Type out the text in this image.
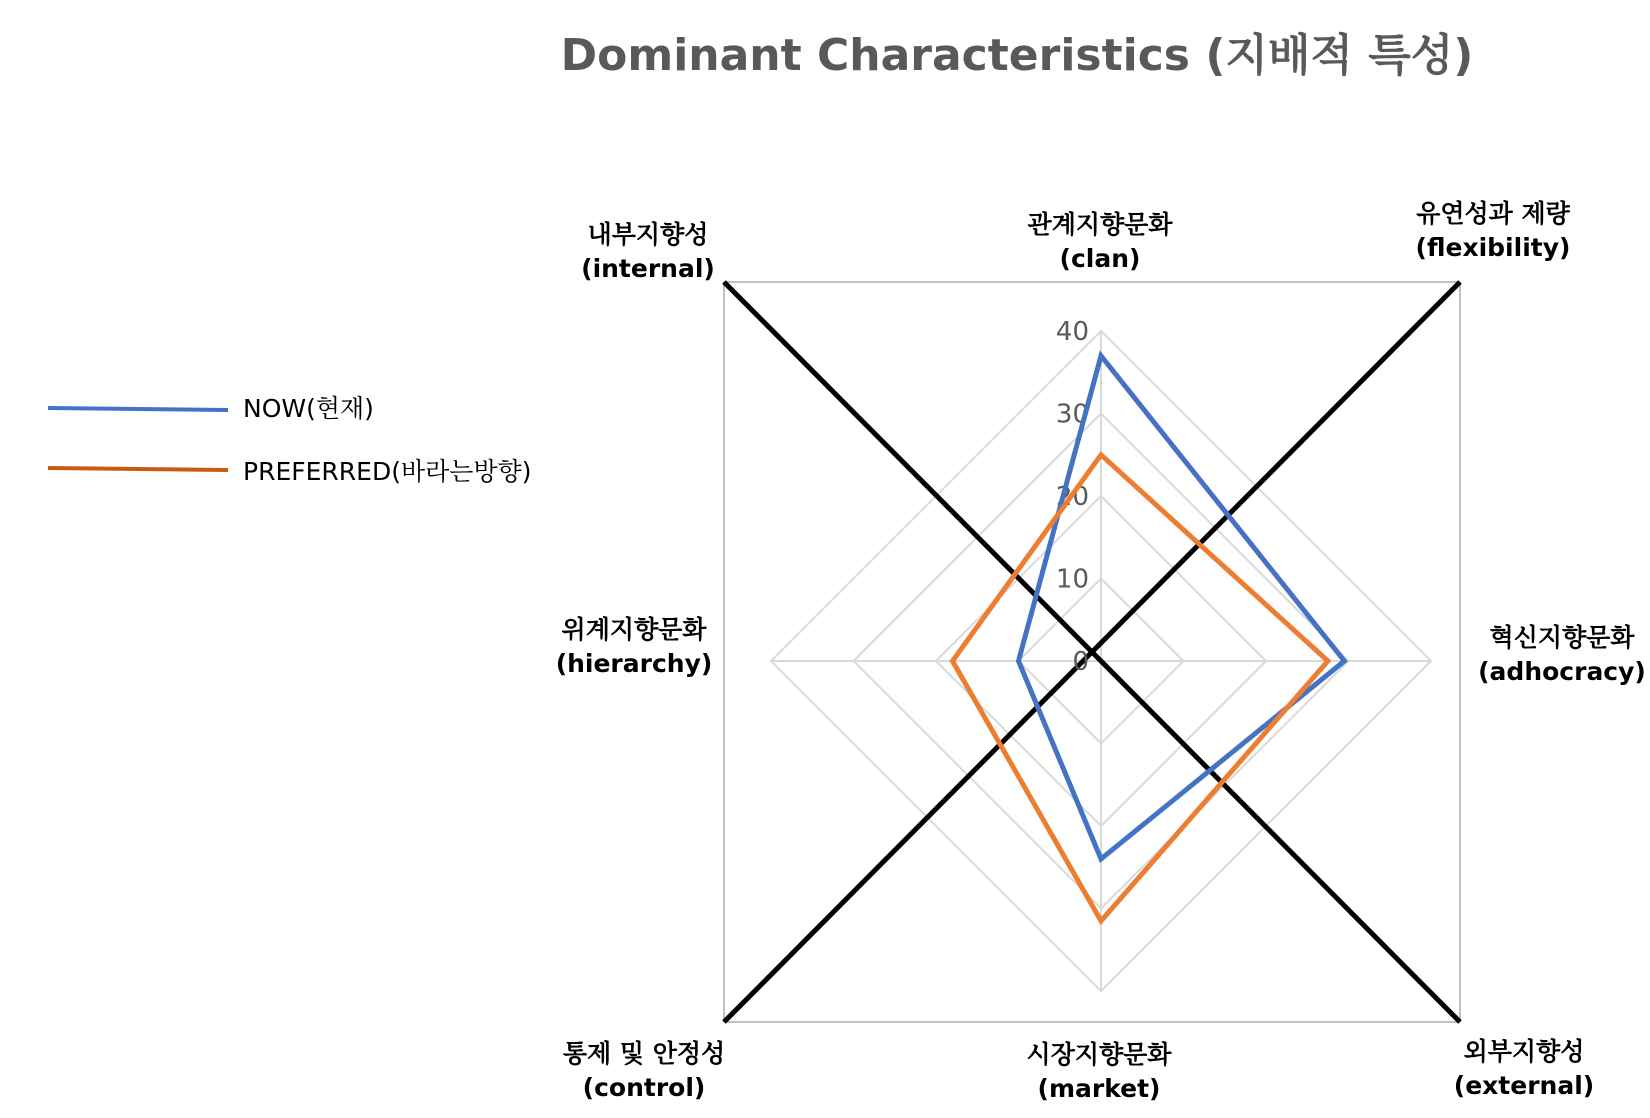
Dominant Characteristics (지배적 특성)
NOW(현재)
PREFERRED(바라는방향)
0
10
20
30
40
관계지향문화
(clan)
혁신지향문화
(adhocracy)
시장지향문화
(market)
위계지향문화
(hierarchy)
내부지향성
(internal)
유연성과 제량
(flexibility)
외부지향성
(external)
통제 및 안정성
(control)
